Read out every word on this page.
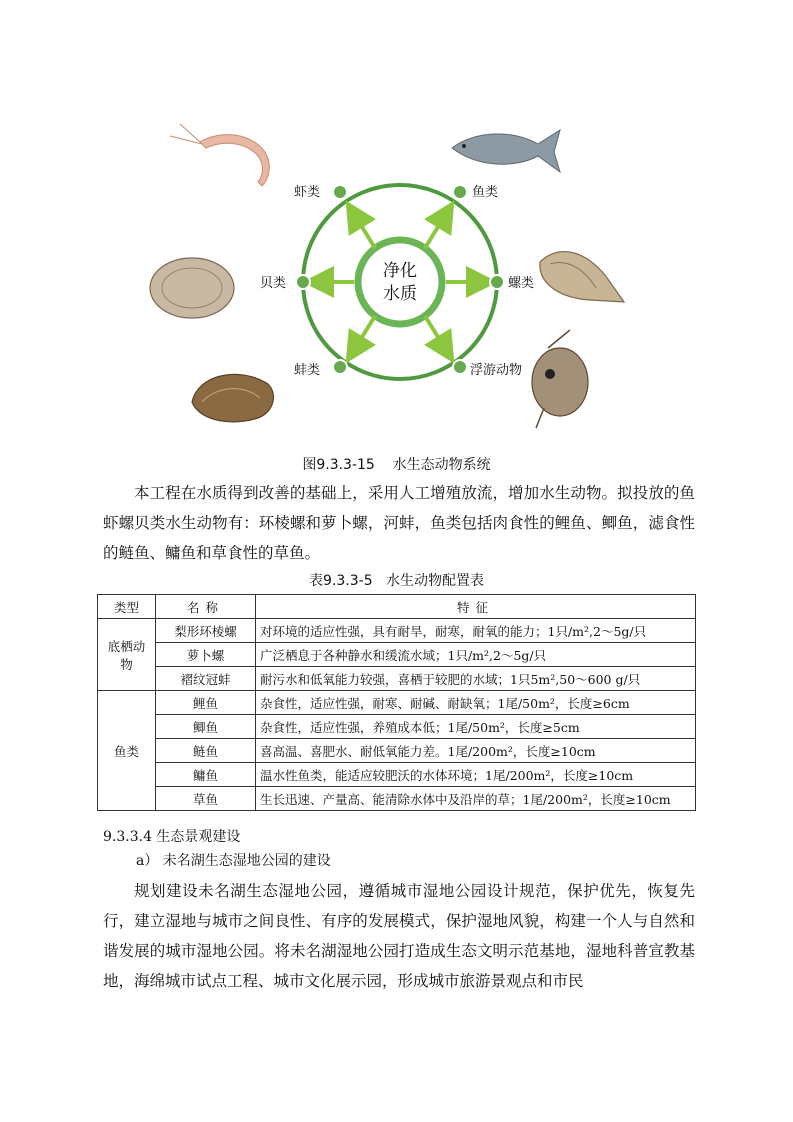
虾类	鱼类
贝类	螺类
蚌类	浮游动物
净化
水质
图9.3.3-15    水生态动物系统
本工程在水质得到改善的基础上，采用人工增殖放流，增加水生动物。拟投放的鱼虾螺贝类水生动物有：环棱螺和萝卜螺，河蚌，鱼类包括肉食性的鲤鱼、鲫鱼，滤食性的鲢鱼、鳙鱼和草食性的草鱼。
表9.3.3-5   水生动物配置表
类型	名称	特征
底栖动物	梨形环棱螺	对环境的适应性强，具有耐旱，耐寒，耐氧的能力；1只/m²,2～5g/只
	萝卜螺	广泛栖息于各种静水和缓流水域；1只/m²,2～5g/只
	褶纹冠蚌	耐污水和低氧能力较强，喜栖于较肥的水域；1只5m²,50～600 g/只
鱼类	鲤鱼	杂食性，适应性强，耐寒、耐碱、耐缺氧；1尾/50m²，长度≥6cm
	鲫鱼	杂食性，适应性强，养殖成本低；1尾/50m²，长度≥5cm
	鲢鱼	喜高温、喜肥水、耐低氧能力差。1尾/200m²，长度≥10cm
	鳙鱼	温水性鱼类，能适应较肥沃的水体环境；1尾/200m²，长度≥10cm
	草鱼	生长迅速、产量高、能清除水体中及沿岸的草；1尾/200m²，长度≥10cm
9.3.3.4 生态景观建设
a） 未名湖生态湿地公园的建设
规划建设未名湖生态湿地公园，遵循城市湿地公园设计规范，保护优先，恢复先行，建立湿地与城市之间良性、有序的发展模式，保护湿地风貌，构建一个人与自然和谐发展的城市湿地公园。将未名湖湿地公园打造成生态文明示范基地，湿地科普宣教基地，海绵城市试点工程、城市文化展示园，形成城市旅游景观点和市民
